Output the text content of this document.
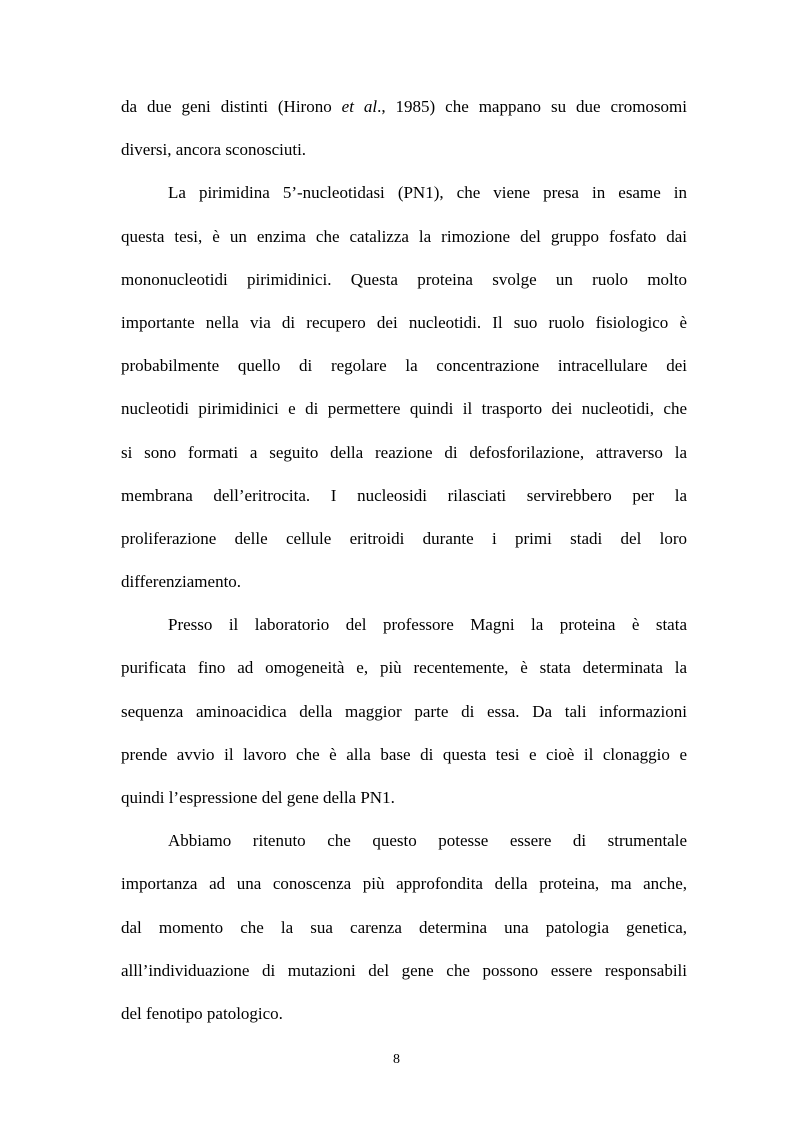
da due geni distinti (Hirono et al., 1985) che mappano su due cromosomi
diversi, ancora sconosciuti.

La pirimidina 5’-nucleotidasi (PN1), che viene presa in esame in
questa tesi, è un enzima che catalizza la rimozione del gruppo fosfato dai
mononucleotidi pirimidinici. Questa proteina svolge un ruolo molto
importante nella via di recupero dei nucleotidi. Il suo ruolo fisiologico è
probabilmente quello di regolare la concentrazione intracellulare dei
nucleotidi pirimidinici e di permettere quindi il trasporto dei nucleotidi, che
si sono formati a seguito della reazione di defosforilazione, attraverso la
membrana dell’eritrocita. I nucleosidi rilasciati servirebbero per la
proliferazione delle cellule eritroidi durante i primi stadi del loro
differenziamento.

Presso il laboratorio del professore Magni la proteina è stata
purificata fino ad omogeneità e, più recentemente, è stata determinata la
sequenza aminoacidica della maggior parte di essa. Da tali informazioni
prende avvio il lavoro che è alla base di questa tesi e cioè il clonaggio e
quindi l’espressione del gene della PN1.

Abbiamo ritenuto che questo potesse essere di strumentale
importanza ad una conoscenza più approfondita della proteina, ma anche,
dal momento che la sua carenza determina una patologia genetica,
alll’individuazione di mutazioni del gene che possono essere responsabili
del fenotipo patologico.

8
